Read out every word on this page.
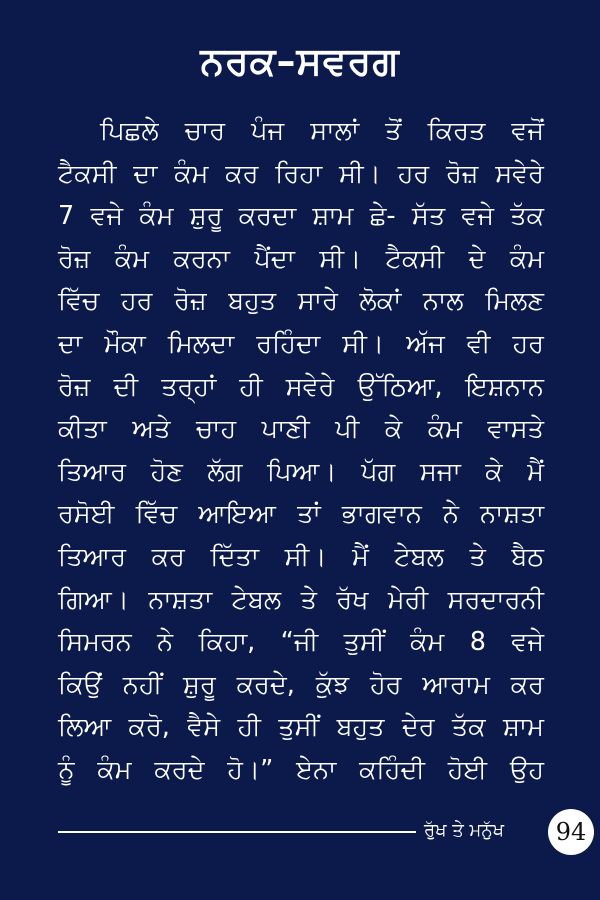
ਨਰਕ–ਸਵਰਗ
ਪਿਛਲੇ ਚਾਰ ਪੰਜ ਸਾਲਾਂ ਤੋਂ ਕਿਰਤ ਵਜੋਂ
ਟੈਕਸੀ ਦਾ ਕੰਮ ਕਰ ਰਿਹਾ ਸੀ। ਹਰ ਰੋਜ਼ ਸਵੇਰੇ
7 ਵਜੇ ਕੰਮ ਸ਼ੁਰੂ ਕਰਦਾ ਸ਼ਾਮ ਛੇ- ਸੱਤ ਵਜੇ ਤੱਕ
ਰੋਜ਼ ਕੰਮ ਕਰਨਾ ਪੈਂਦਾ ਸੀ। ਟੈਕਸੀ ਦੇ ਕੰਮ
ਵਿੱਚ ਹਰ ਰੋਜ਼ ਬਹੁਤ ਸਾਰੇ ਲੋਕਾਂ ਨਾਲ ਮਿਲਣ
ਦਾ ਮੌਕਾ ਮਿਲਦਾ ਰਹਿੰਦਾ ਸੀ। ਅੱਜ ਵੀ ਹਰ
ਰੋਜ਼ ਦੀ ਤਰ੍ਹਾਂ ਹੀ ਸਵੇਰੇ ਉੱਠਿਆ, ਇਸ਼ਨਾਨ
ਕੀਤਾ ਅਤੇ ਚਾਹ ਪਾਣੀ ਪੀ ਕੇ ਕੰਮ ਵਾਸਤੇ
ਤਿਆਰ ਹੋਣ ਲੱਗ ਪਿਆ। ਪੱਗ ਸਜਾ ਕੇ ਮੈਂ
ਰਸੋਈ ਵਿੱਚ ਆਇਆ ਤਾਂ ਭਾਗਵਾਨ ਨੇ ਨਾਸ਼ਤਾ
ਤਿਆਰ ਕਰ ਦਿੱਤਾ ਸੀ। ਮੈਂ ਟੇਬਲ ਤੇ ਬੈਠ
ਗਿਆ। ਨਾਸ਼ਤਾ ਟੇਬਲ ਤੇ ਰੱਖ ਮੇਰੀ ਸਰਦਾਰਨੀ
ਸਿਮਰਨ ਨੇ ਕਿਹਾ, “ਜੀ ਤੁਸੀਂ ਕੰਮ 8 ਵਜੇ
ਕਿਉਂ ਨਹੀਂ ਸ਼ੁਰੂ ਕਰਦੇ, ਕੁੱਝ ਹੋਰ ਆਰਾਮ ਕਰ
ਲਿਆ ਕਰੋ, ਵੈਸੇ ਹੀ ਤੁਸੀਂ ਬਹੁਤ ਦੇਰ ਤੱਕ ਸ਼ਾਮ
ਨੂੰ ਕੰਮ ਕਰਦੇ ਹੋ।” ਏਨਾ ਕਹਿੰਦੀ ਹੋਈ ਉਹ
ਰੁੱਖ ਤੇ ਮਨੁੱਖ	94
